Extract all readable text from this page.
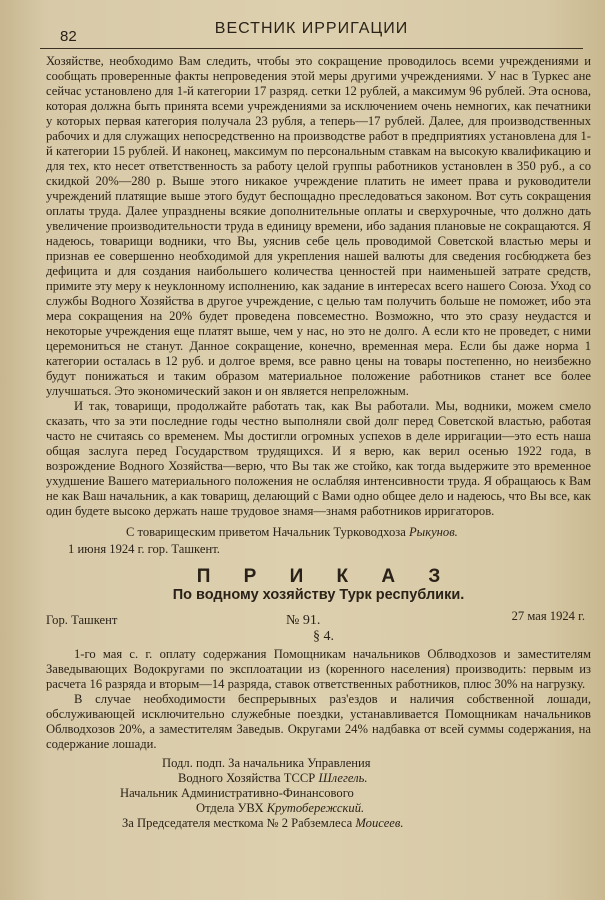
82	ВЕСТНИК ИРРИГАЦИИ

Хозяйстве, необходимо Вам следить, чтобы это сокращение проводилось всеми учреждениями и сообщать проверенные факты непроведения этой меры другими учреждениями. У нас в Туркес ане сейчас установлено для 1-й категории 17 разряд. сетки 12 рублей, а максимум 96 рублей. Эта основа, которая должна быть принята всеми учреждениями за исключением очень немногих, как печатники у которых первая категория получала 23 рубля, а теперь—17 рублей. Далее, для производственных рабочих и для служащих непосредственно на производстве работ в предприятиях установлена для 1-й категории 15 рублей. И наконец, максимум по персональным ставкам на высокую квалификацию и для тех, кто несет ответственность за работу целой группы работников установлен в 350 руб., а со скидкой 20%—280 р. Выше этого никакое учреждение платить не имеет права и руководители учреждений платящие выше этого будут беспощадно преследоваться законом. Вот суть сокращения оплаты труда. Далее упразднены всякие дополнительные оплаты и сверхурочные, что должно дать увеличение производительности труда в единицу времени, ибо задания плановые не сокращаются. Я надеюсь, товарищи водники, что Вы, уяснив себе цель проводимой Советской властью меры и признав ее совершенно необходимой для укрепления нашей валюты для сведения госбюджета без дефицита и для создания наибольшего количества ценностей при наименьшей затрате средств, примите эту меру к неуклонному исполнению, как задание в интересах всего нашего Союза. Уход со службы Водного Хозяйства в другое учреждение, с целью там получить больше не поможет, ибо эта мера сокращения на 20% будет проведена повсеместно. Возможно, что это сразу неудастся и некоторые учреждения еще платят выше, чем у нас, но это не долго. А если кто не проведет, с ними церемониться не станут. Данное сокращение, конечно, временная мера. Если бы даже норма 1 категории осталась в 12 руб. и долгое время, все равно цены на товары постепенно, но неизбежно будут понижаться и таким образом материальное положение работников станет все более улучшаться. Это экономический закон и он является непреложным.

И так, товарищи, продолжайте работать так, как Вы работали. Мы, водники, можем смело сказать, что за эти последние годы честно выполняли свой долг перед Советской властью, работая часто не считаясь со временем. Мы достигли огромных успехов в деле ирригации—это есть наша общая заслуга перед Государством трудящихся. И я верю, как верил осенью 1922 года, в возрождение Водного Хозяйства—верю, что Вы так же стойко, как тогда выдержите это временное ухудшение Вашего материального положения не ослабляя интенсивности труда. Я обращаюсь к Вам не как Ваш начальник, а как товарищ, делающий с Вами одно общее дело и надеюсь, что Вы все, как один будете высоко держать наше трудовое знамя—знамя работников ирригаторов.

С товарищеским приветом Начальник Турководхоза Рыкунов.

1 июня 1924 г. гор. Ташкент.

П Р И К А З
По водному хозяйству Турк республики.
Гор. Ташкент	№ 91.	27 мая 1924 г.
§ 4.

1-го мая с. г. оплату содержания Помощникам начальников Облводхозов и заместителям Заведывающих Водокругами по эксплоатации из (коренного населения) производить: первым из расчета 16 разряда и вторым—14 разряда, ставок ответственных работников, плюс 30% на нагрузку.

В случае необходимости беспрерывных раз'ездов и наличия собственной лошади, обслуживающей исключительно служебные поездки, устанавливается Помощникам начальников Облводхозов 20%, а заместителям Заведыв. Округами 24% надбавка от всей суммы содержания, на содержание лошади.

Подл. подп. За начальника Управления

Водного Хозяйства ТССР Шлегель.

Начальник Административно-Финансового

Отдела УВХ Крутобережский.

За Председателя месткома № 2 Рабземлеса Моисеев.
